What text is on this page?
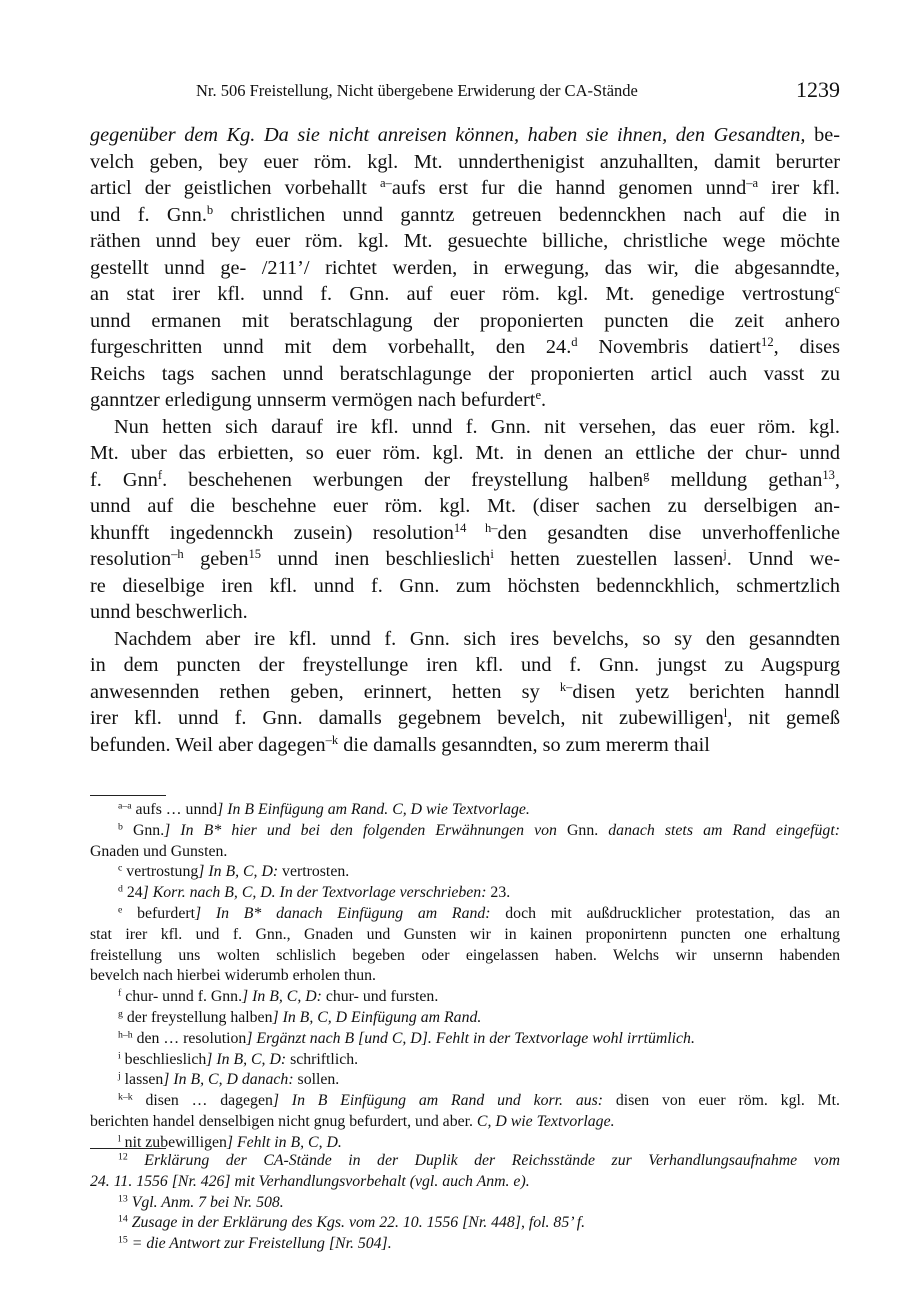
Nr. 506 Freistellung, Nicht übergebene Erwiderung der CA-Stände	1239
gegenüber dem Kg. Da sie nicht anreisen können, haben sie ihnen, den Gesandten, be-
velch geben, bey euer röm. kgl. Mt. unnderthenigist anzuhallten, damit berurter
articl der geistlichen vorbehallt $^{a-}$aufs erst fur die hannd genomen unnd$^{-a}$ irer kfl.
und f. Gnn.$^b$ christlichen unnd ganntz getreuen bedennckhen nach auf die in
räthen unnd bey euer röm. kgl. Mt. gesuechte billiche, christliche wege möchte
gestellt unnd ge- /211’/ richtet werden, in erwegung, das wir, die abgesanndte,
an stat irer kfl. unnd f. Gnn. auf euer röm. kgl. Mt. genedige vertrostung$^c$
unnd ermanen mit beratschlagung der proponierten puncten die zeit anhero
furgeschritten unnd mit dem vorbehallt, den 24.$^d$ Novembris datiert$^{12}$, dises
Reichs tags sachen unnd beratschlagunge der proponierten articl auch vasst zu
ganntzer erledigung unnserm vermögen nach befurdert$^e$.
Nun hetten sich darauf ire kfl. unnd f. Gnn. nit versehen, das euer röm. kgl.
Mt. uber das erbietten, so euer röm. kgl. Mt. in denen an ettliche der chur- unnd
f. Gnn$^f$. beschehenen werbungen der freystellung halben$^g$ melldung gethan$^{13}$,
unnd auf die beschehne euer röm. kgl. Mt. (diser sachen zu derselbigen an-
khunfft ingedennckh zusein) resolution$^{14 h-}$den gesandten dise unverhoffenliche
resolution$^{-h}$ geben$^{15}$ unnd inen beschlieslich$^i$ hetten zuestellen lassen$^j$. Unnd we-
re dieselbige iren kfl. unnd f. Gnn. zum höchsten bedennckhlich, schmertzlich
unnd beschwerlich.
Nachdem aber ire kfl. unnd f. Gnn. sich ires bevelchs, so sy den gesanndten
in dem puncten der freystellunge iren kfl. und f. Gnn. jungst zu Augspurg
anwesennden rethen geben, erinnert, hetten sy $^{k-}$disen yetz berichten hanndl
irer kfl. unnd f. Gnn. damalls gegebnem bevelch, nit zubewilligen$^l$, nit gemeß
befunden. Weil aber dagegen$^{-k}$ die damalls gesanndten, so zum mererm thail
$^{a-a}$ aufs … unnd] In B Einfügung am Rand. C, D wie Textvorlage.
$^b$ Gnn.] In B* hier und bei den folgenden Erwähnungen von Gnn. danach stets am Rand eingefügt:
Gnaden und Gunsten.
$^c$ vertrostung] In B, C, D: vertrosten.
$^d$ 24] Korr. nach B, C, D. In der Textvorlage verschrieben: 23.
$^e$ befurdert] In B* danach Einfügung am Rand: doch mit außdrucklicher protestation, das an
stat irer kfl. und f. Gnn., Gnaden und Gunsten wir in kainen proponirtenn puncten one erhaltung
freistellung uns wolten schlislich begeben oder eingelassen haben. Welchs wir unsernn habenden
bevelch nach hierbei widerumb erholen thun.
$^f$ chur- unnd f. Gnn.] In B, C, D: chur- und fursten.
$^g$ der freystellung halben] In B, C, D Einfügung am Rand.
$^{h-h}$ den … resolution] Ergänzt nach B [und C, D]. Fehlt in der Textvorlage wohl irrtümlich.
$^i$ beschlieslich] In B, C, D: schriftlich.
$^j$ lassen] In B, C, D danach: sollen.
$^{k-k}$ disen … dagegen] In B Einfügung am Rand und korr. aus: disen von euer röm. kgl. Mt.
berichten handel denselbigen nicht gnug befurdert, und aber. C, D wie Textvorlage.
$^l$ nit zubewilligen] Fehlt in B, C, D.
$^{12}$ Erklärung der CA-Stände in der Duplik der Reichsstände zur Verhandlungsaufnahme vom
24. 11. 1556 [Nr. 426] mit Verhandlungsvorbehalt (vgl. auch Anm. e).
$^{13}$ Vgl. Anm. 7 bei Nr. 508.
$^{14}$ Zusage in der Erklärung des Kgs. vom 22. 10. 1556 [Nr. 448], fol. 85’ f.
$^{15}$ = die Antwort zur Freistellung [Nr. 504].
